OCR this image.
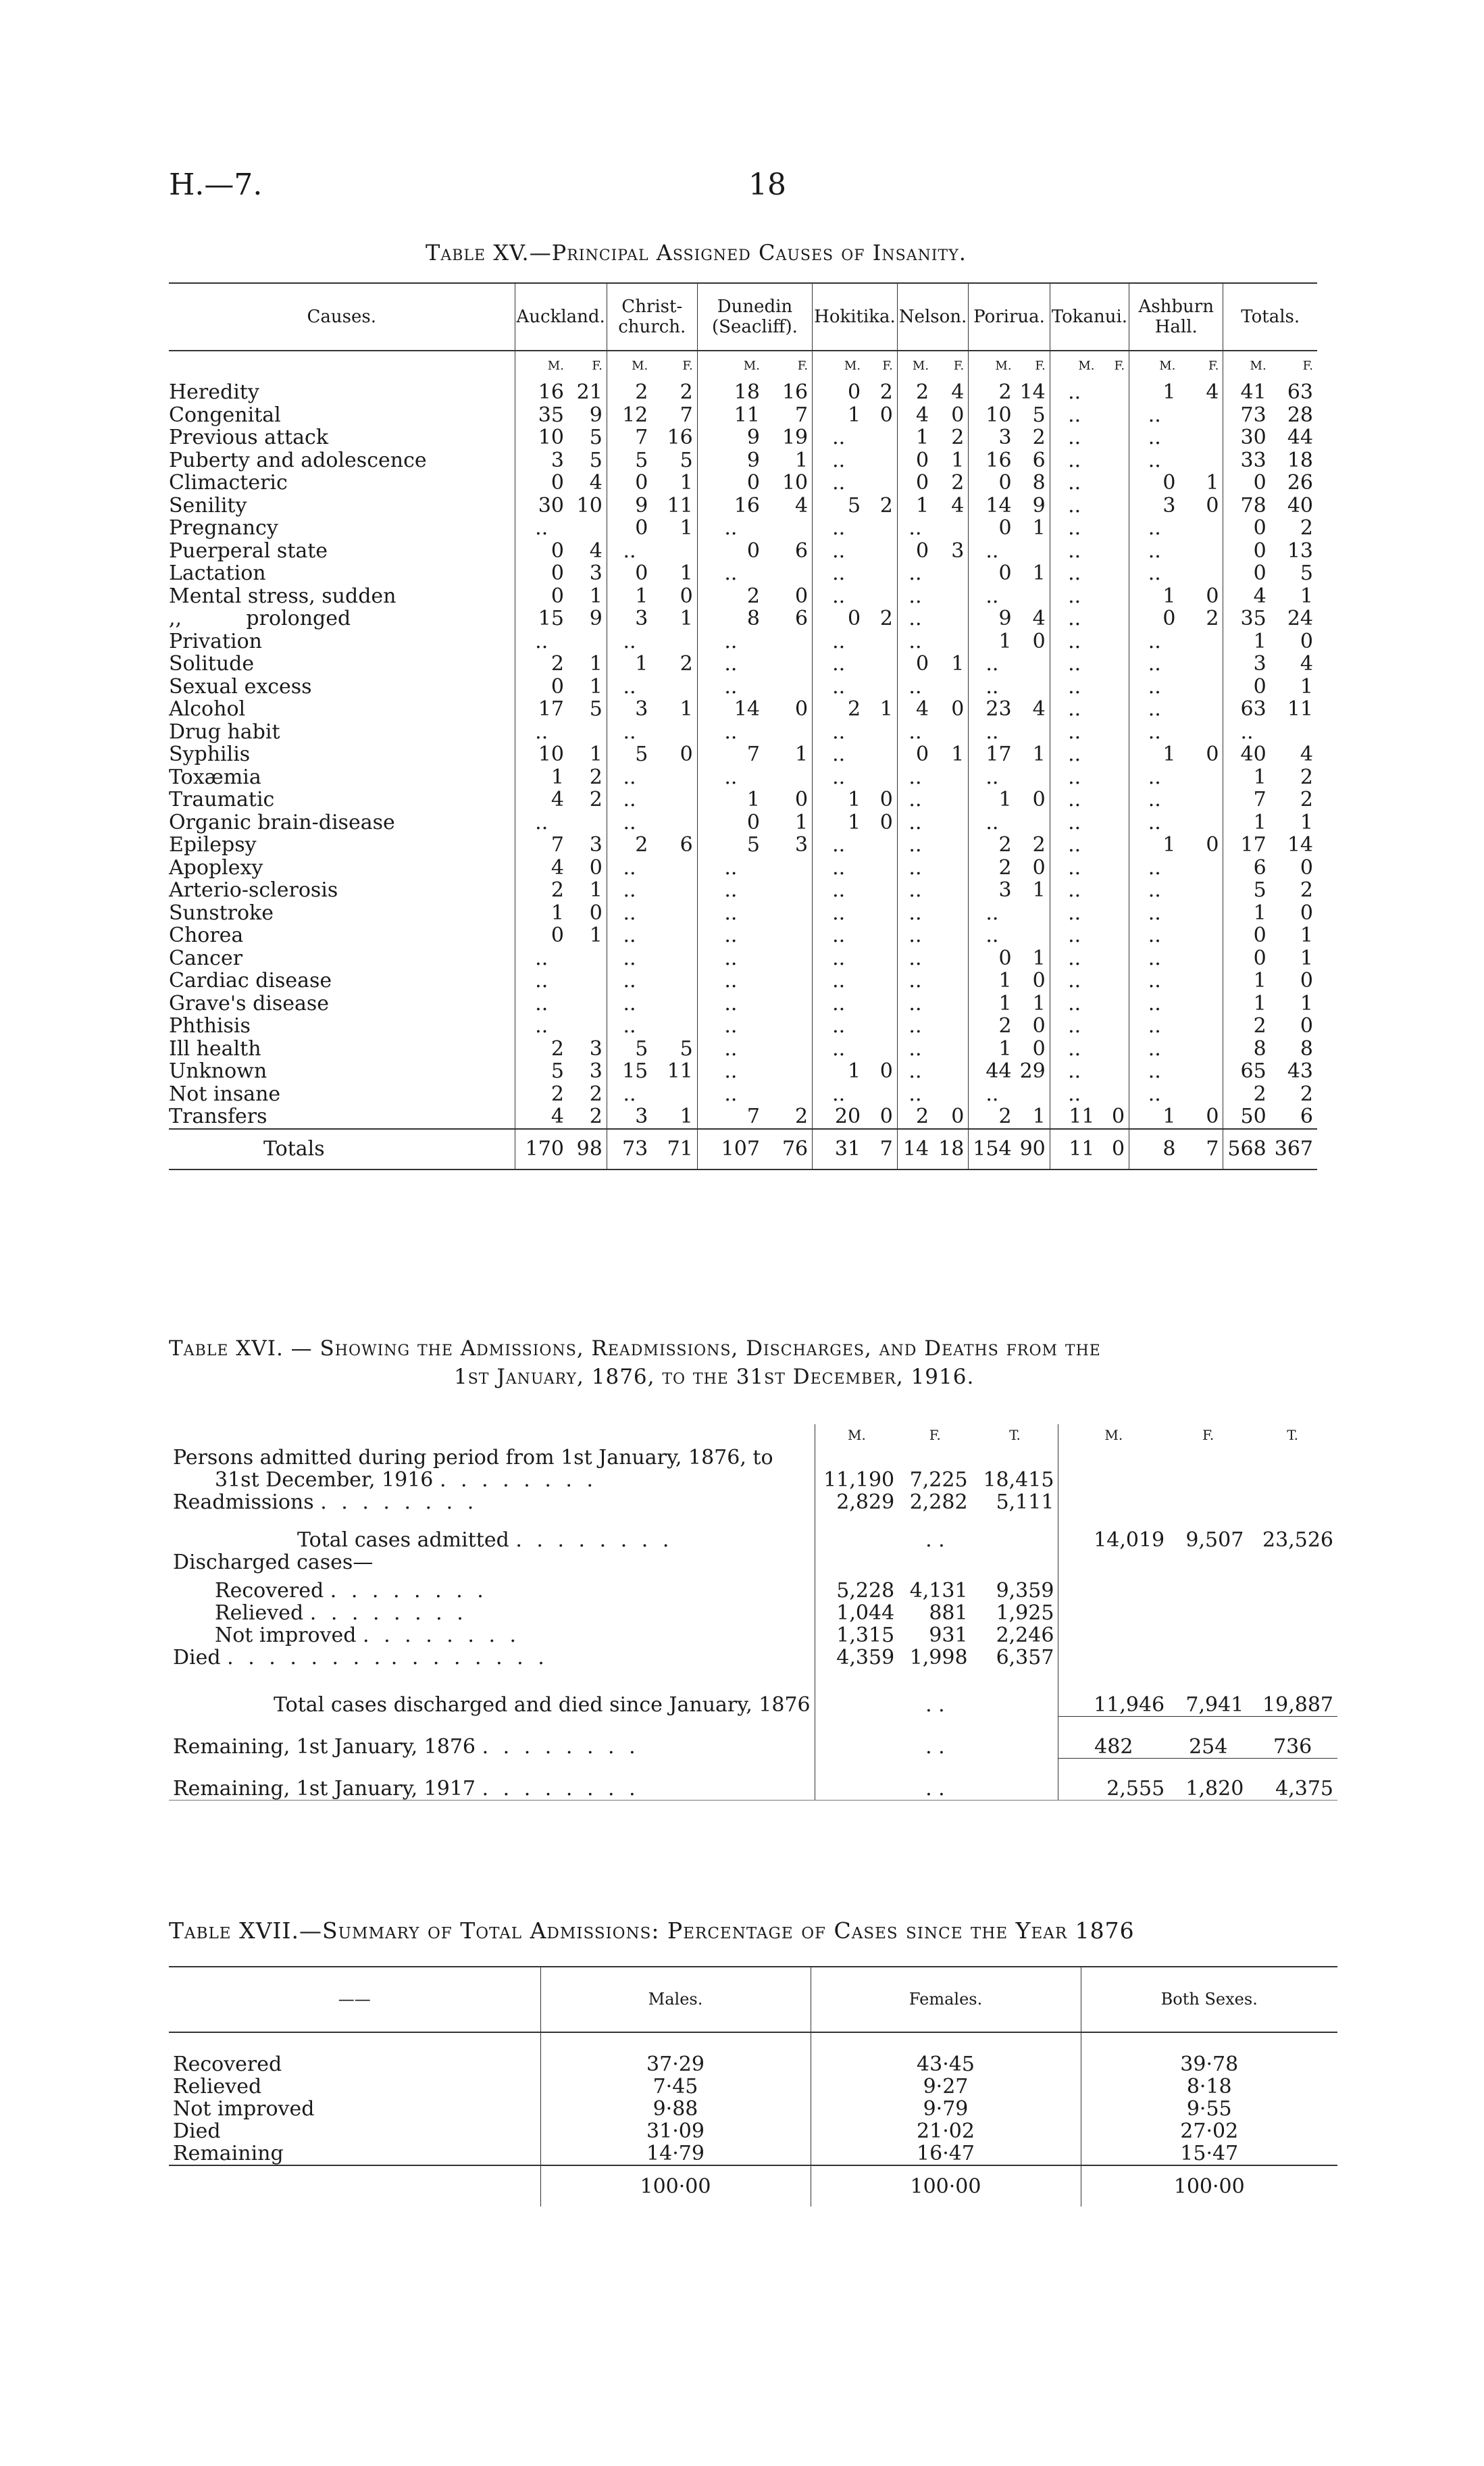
H.—7.	18
Table XV.—Principal Assigned Causes of Insanity.
Causes.	Auckland.		Christ-church.		Dunedin (Seacliff).		Hokitika.		Nelson.		Porirua.		Tokanui.		Ashburn Hall.		Totals.	
	M.	F.	M.	F.	M.	F.	M.	F.	M.	F.	M.	F.	M.	F.	M.	F.	M.	F.
Heredity	16	21	2	2	18	16	0	2	2	4	2	14	..		1	4	41	63
Congenital	35	9	12	7	11	7	1	0	4	0	10	5	..		..		73	28
Previous attack	10	5	7	16	9	19	..		1	2	3	2	..		..		30	44
Puberty and adolescence	3	5	5	5	9	1	..		0	1	16	6	..		..		33	18
Climacteric	0	4	0	1	0	10	..		0	2	0	8	..		0	1	0	26
Senility	30	10	9	11	16	4	5	2	1	4	14	9	..		3	0	78	40
Pregnancy	..		0	1	..		..		..		0	1	..		..		0	2
Puerperal state	0	4	..		0	6	..		0	3	..		..		..		0	13
Lactation	0	3	0	1	..		..		..		0	1	..		..		0	5
Mental stress, sudden	0	1	1	0	2	0	..		..		..		..		1	0	4	1
,,          prolonged	15	9	3	1	8	6	0	2	..		9	4	..		0	2	35	24
Privation	..		..		..		..		..		1	0	..		..		1	0
Solitude	2	1	1	2	..		..		0	1	..		..		..		3	4
Sexual excess	0	1	..		..		..		..		..		..		..		0	1
Alcohol	17	5	3	1	14	0	2	1	4	0	23	4	..		..		63	11
Drug habit	..		..		..		..		..		..		..		..		..	
Syphilis	10	1	5	0	7	1	..		0	1	17	1	..		1	0	40	4
Toxæmia	1	2	..		..		..		..		..		..		..		1	2
Traumatic	4	2	..		1	0	1	0	..		1	0	..		..		7	2
Organic brain-disease	..		..		0	1	1	0	..		..		..		..		1	1
Epilepsy	7	3	2	6	5	3	..		..		2	2	..		1	0	17	14
Apoplexy	4	0	..		..		..		..		2	0	..		..		6	0
Arterio-sclerosis	2	1	..		..		..		..		3	1	..		..		5	2
Sunstroke	1	0	..		..		..		..		..		..		..		1	0
Chorea	0	1	..		..		..		..		..		..		..		0	1
Cancer	..		..		..		..		..		0	1	..		..		0	1
Cardiac disease	..		..		..		..		..		1	0	..		..		1	0
Grave's disease	..		..		..		..		..		1	1	..		..		1	1
Phthisis	..		..		..		..		..		2	0	..		..		2	0
Ill health	2	3	5	5	..		..		..		1	0	..		..		8	8
Unknown	5	3	15	11	..		1	0	..		44	29	..		..		65	43
Not insane	2	2	..		..		..		..		..		..		..		2	2
Transfers	4	2	3	1	7	2	20	0	2	0	2	1	11	0	1	0	50	6
Totals	170	98	73	71	107	76	31	7	14	18	154	90	11	0	8	7	568	367
Table XVI. — Showing the Admissions, Readmissions, Discharges, and Deaths from the
1st January, 1876, to the 31st December, 1916.
	M.	F.	T.	M.	F.	T.
Persons admitted during period from 1st January, 1876, to						
31st December, 1916 . . . . . . . .	11,190	7,225	18,415			
Readmissions . . . . . . . .	2,829	2,282	5,111			
Total cases admitted . . . . . . . .		. .		14,019	9,507	23,526
Discharged cases—						
Recovered . . . . . . . .	5,228	4,131	9,359			
Relieved . . . . . . . .	1,044	881	1,925			
Not improved . . . . . . . .	1,315	931	2,246			
Died . . . . . . . . . . . . . . . .	4,359	1,998	6,357			
Total cases discharged and died since January, 1876		. .		11,946	7,941	19,887
Remaining, 1st January, 1876 . . . . . . . .		. .		482	254	736
Remaining, 1st January, 1917 . . . . . . . .		. .		2,555	1,820	4,375
Table XVII.—Summary of Total Admissions: Percentage of Cases since the Year 1876
——	Males.	Females.	Both Sexes.
Recovered	37·29	43·45	39·78
Relieved	7·45	9·27	8·18
Not improved	9·88	9·79	9·55
Died	31·09	21·02	27·02
Remaining	14·79	16·47	15·47
	100·00	100·00	100·00
